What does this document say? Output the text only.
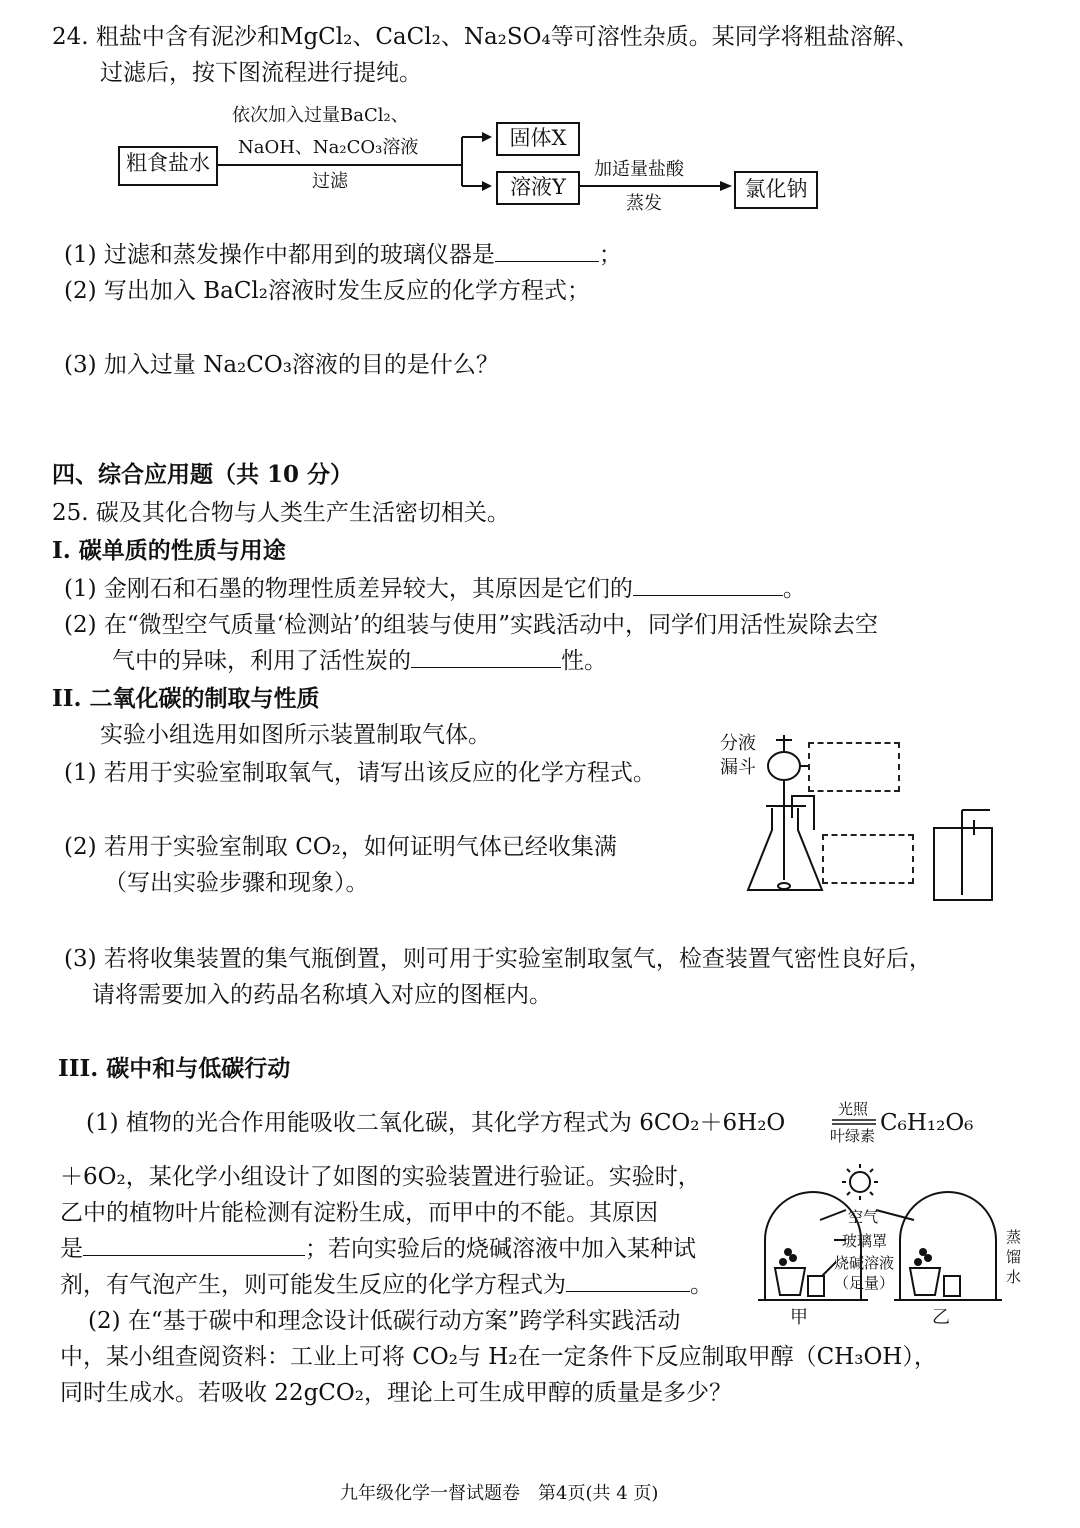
24. 粗盐中含有泥沙和MgCl₂、CaCl₂、Na₂SO₄等可溶性杂质。某同学将粗盐溶解、
过滤后，按下图流程进行提纯。
粗食盐水
依次加入过量BaCl₂、
NaOH、Na₂CO₃溶液
过滤
固体X
溶液Y
加适量盐酸
蒸发
氯化钠
(1) 过滤和蒸发操作中都用到的玻璃仪器是	；
(2) 写出加入 BaCl₂溶液时发生反应的化学方程式；
(3) 加入过量 Na₂CO₃溶液的目的是什么？
四、综合应用题（共 10 分）
25. 碳及其化合物与人类生产生活密切相关。
I. 碳单质的性质与用途
(1) 金刚石和石墨的物理性质差异较大，其原因是它们的	。
(2) 在“微型空气质量‘检测站’的组装与使用”实践活动中，同学们用活性炭除去空
气中的异味，利用了活性炭的	性。
II. 二氧化碳的制取与性质
实验小组选用如图所示装置制取气体。
(1) 若用于实验室制取氧气，请写出该反应的化学方程式。
(2) 若用于实验室制取 CO₂，如何证明气体已经收集满
（写出实验步骤和现象）。
(3) 若将收集装置的集气瓶倒置，则可用于实验室制取氢气，检查装置气密性良好后，
请将需要加入的药品名称填入对应的图框内。
分液
漏斗
III. 碳中和与低碳行动
(1) 植物的光合作用能吸收二氧化碳，其化学方程式为 6CO₂＋6H₂O
光照
叶绿素 C₆H₁₂O₆
＋6O₂，某化学小组设计了如图的实验装置进行验证。实验时，
乙中的植物叶片能检测有淀粉生成，而甲中的不能。其原因
是	；若向实验后的烧碱溶液中加入某种试
剂，有气泡产生，则可能发生反应的化学方程式为	。
空气
玻璃罩
烧碱溶液
（足量）
蒸
馏
水
甲	乙
(2) 在“基于碳中和理念设计低碳行动方案”跨学科实践活动
中，某小组查阅资料：工业上可将 CO₂与 H₂在一定条件下反应制取甲醇（CH₃OH），
同时生成水。若吸收 22gCO₂，理论上可生成甲醇的质量是多少？
九年级化学一督试题卷　第4页(共 4 页)
